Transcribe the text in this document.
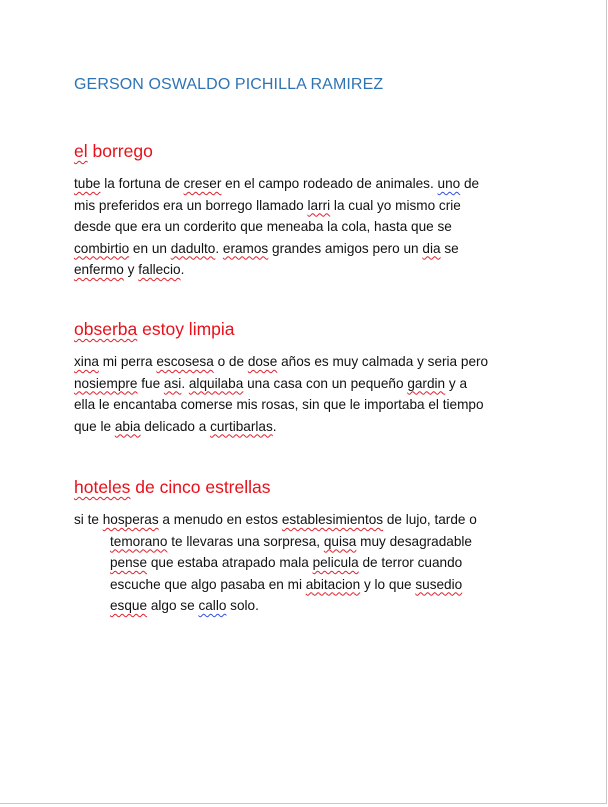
GERSON OSWALDO PICHILLA RAMIREZ
el borrego
tube la fortuna de creser en el campo rodeado de animales. uno de
mis preferidos era un borrego llamado larri la cual yo mismo crie
desde que era un corderito que meneaba la cola, hasta que se
combirtio en un dadulto. eramos grandes amigos pero un dia se
enfermo y fallecio.
obserba estoy limpia
xina mi perra escosesa o de dose años es muy calmada y seria pero
nosiempre fue asi. alquilaba una casa con un pequeño gardin y a
ella le encantaba comerse mis rosas, sin que le importaba el tiempo
que le abia delicado a curtibarlas.
hoteles de cinco estrellas
si te hosperas a menudo en estos establesimientos de lujo, tarde o
temorano te llevaras una sorpresa, quisa muy desagradable
pense que estaba atrapado mala pelicula de terror cuando
escuche que algo pasaba en mi abitacion y lo que susedio
esque algo se callo solo.
